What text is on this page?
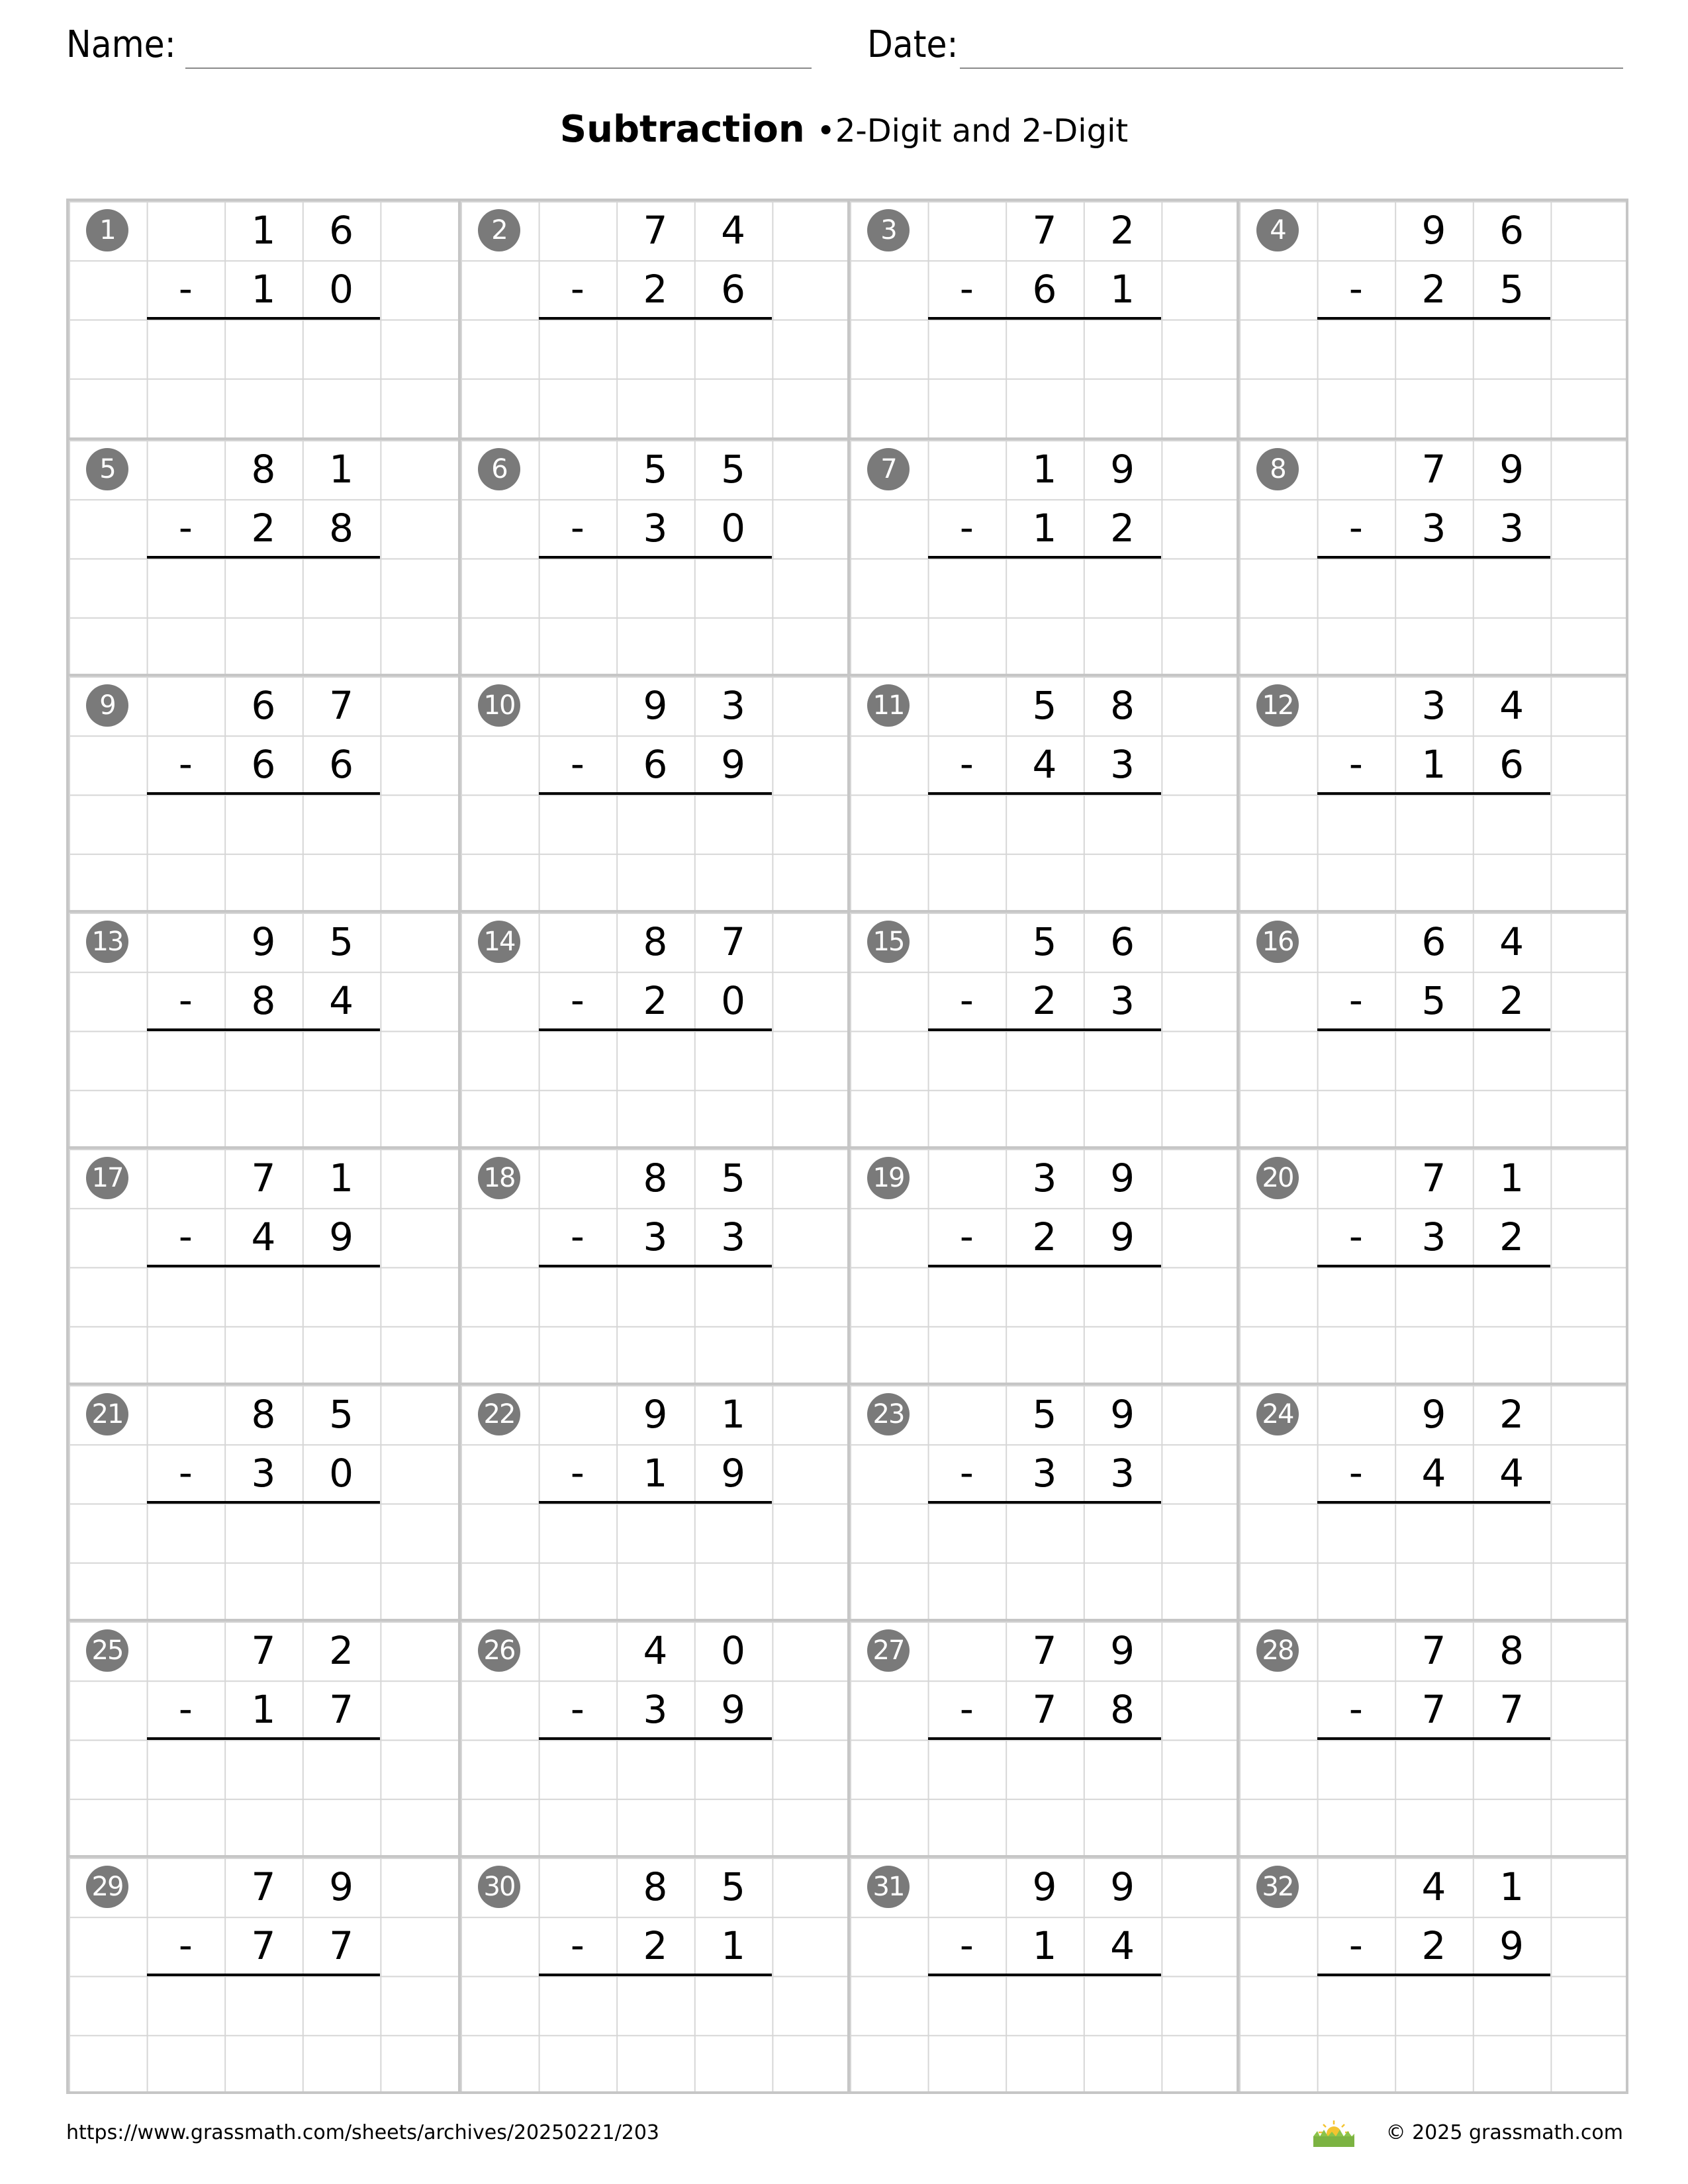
Name:	Date:
Subtraction •2-Digit and 2-Digit
1	1	6
1	0
-
2	7	4
2	6
-
3	7	2
6	1
-
4	9	6
2	5
-
5	8	1
2	8
-
6	5	5
3	0
-
7	1	9
1	2
-
8	7	9
3	3
-
9	6	7
6	6
-
10	9	3
6	9
-
11	5	8
4	3
-
12	3	4
1	6
-
13	9	5
8	4
-
14	8	7
2	0
-
15	5	6
2	3
-
16	6	4
5	2
-
17	7	1
4	9
-
18	8	5
3	3
-
19	3	9
2	9
-
20	7	1
3	2
-
21	8	5
3	0
-
22	9	1
1	9
-
23	5	9
3	3
-
24	9	2
4	4
-
25	7	2
1	7
-
26	4	0
3	9
-
27	7	9
7	8
-
28	7	8
7	7
-
29	7	9
7	7
-
30	8	5
2	1
-
31	9	9
1	4
-
32	4	1
2	9
-
https://www.grassmath.com/sheets/archives/20250221/203	© 2025 grassmath.com
